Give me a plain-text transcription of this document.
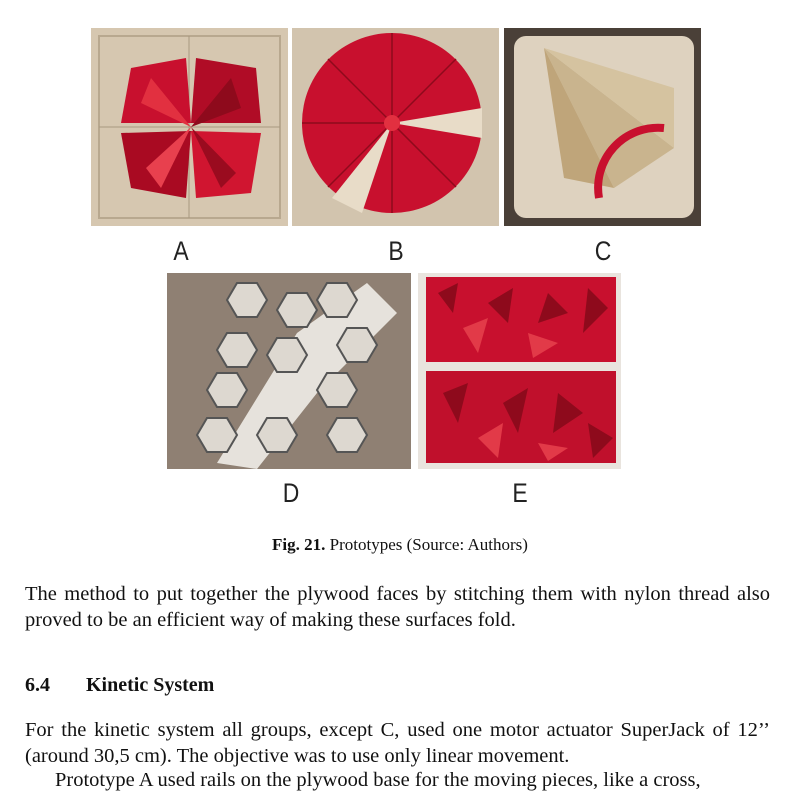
A	B	C
D	E
Fig. 21. Prototypes (Source: Authors)
The method to put together the plywood faces by stitching them with nylon thread also proved to be an efficient way of making these surfaces fold.
6.4 Kinetic System
For the kinetic system all groups, except C, used one motor actuator SuperJack of 12’’ (around 30,5 cm). The objective was to use only linear movement.
Prototype A used rails on the plywood base for the moving pieces, like a cross,
